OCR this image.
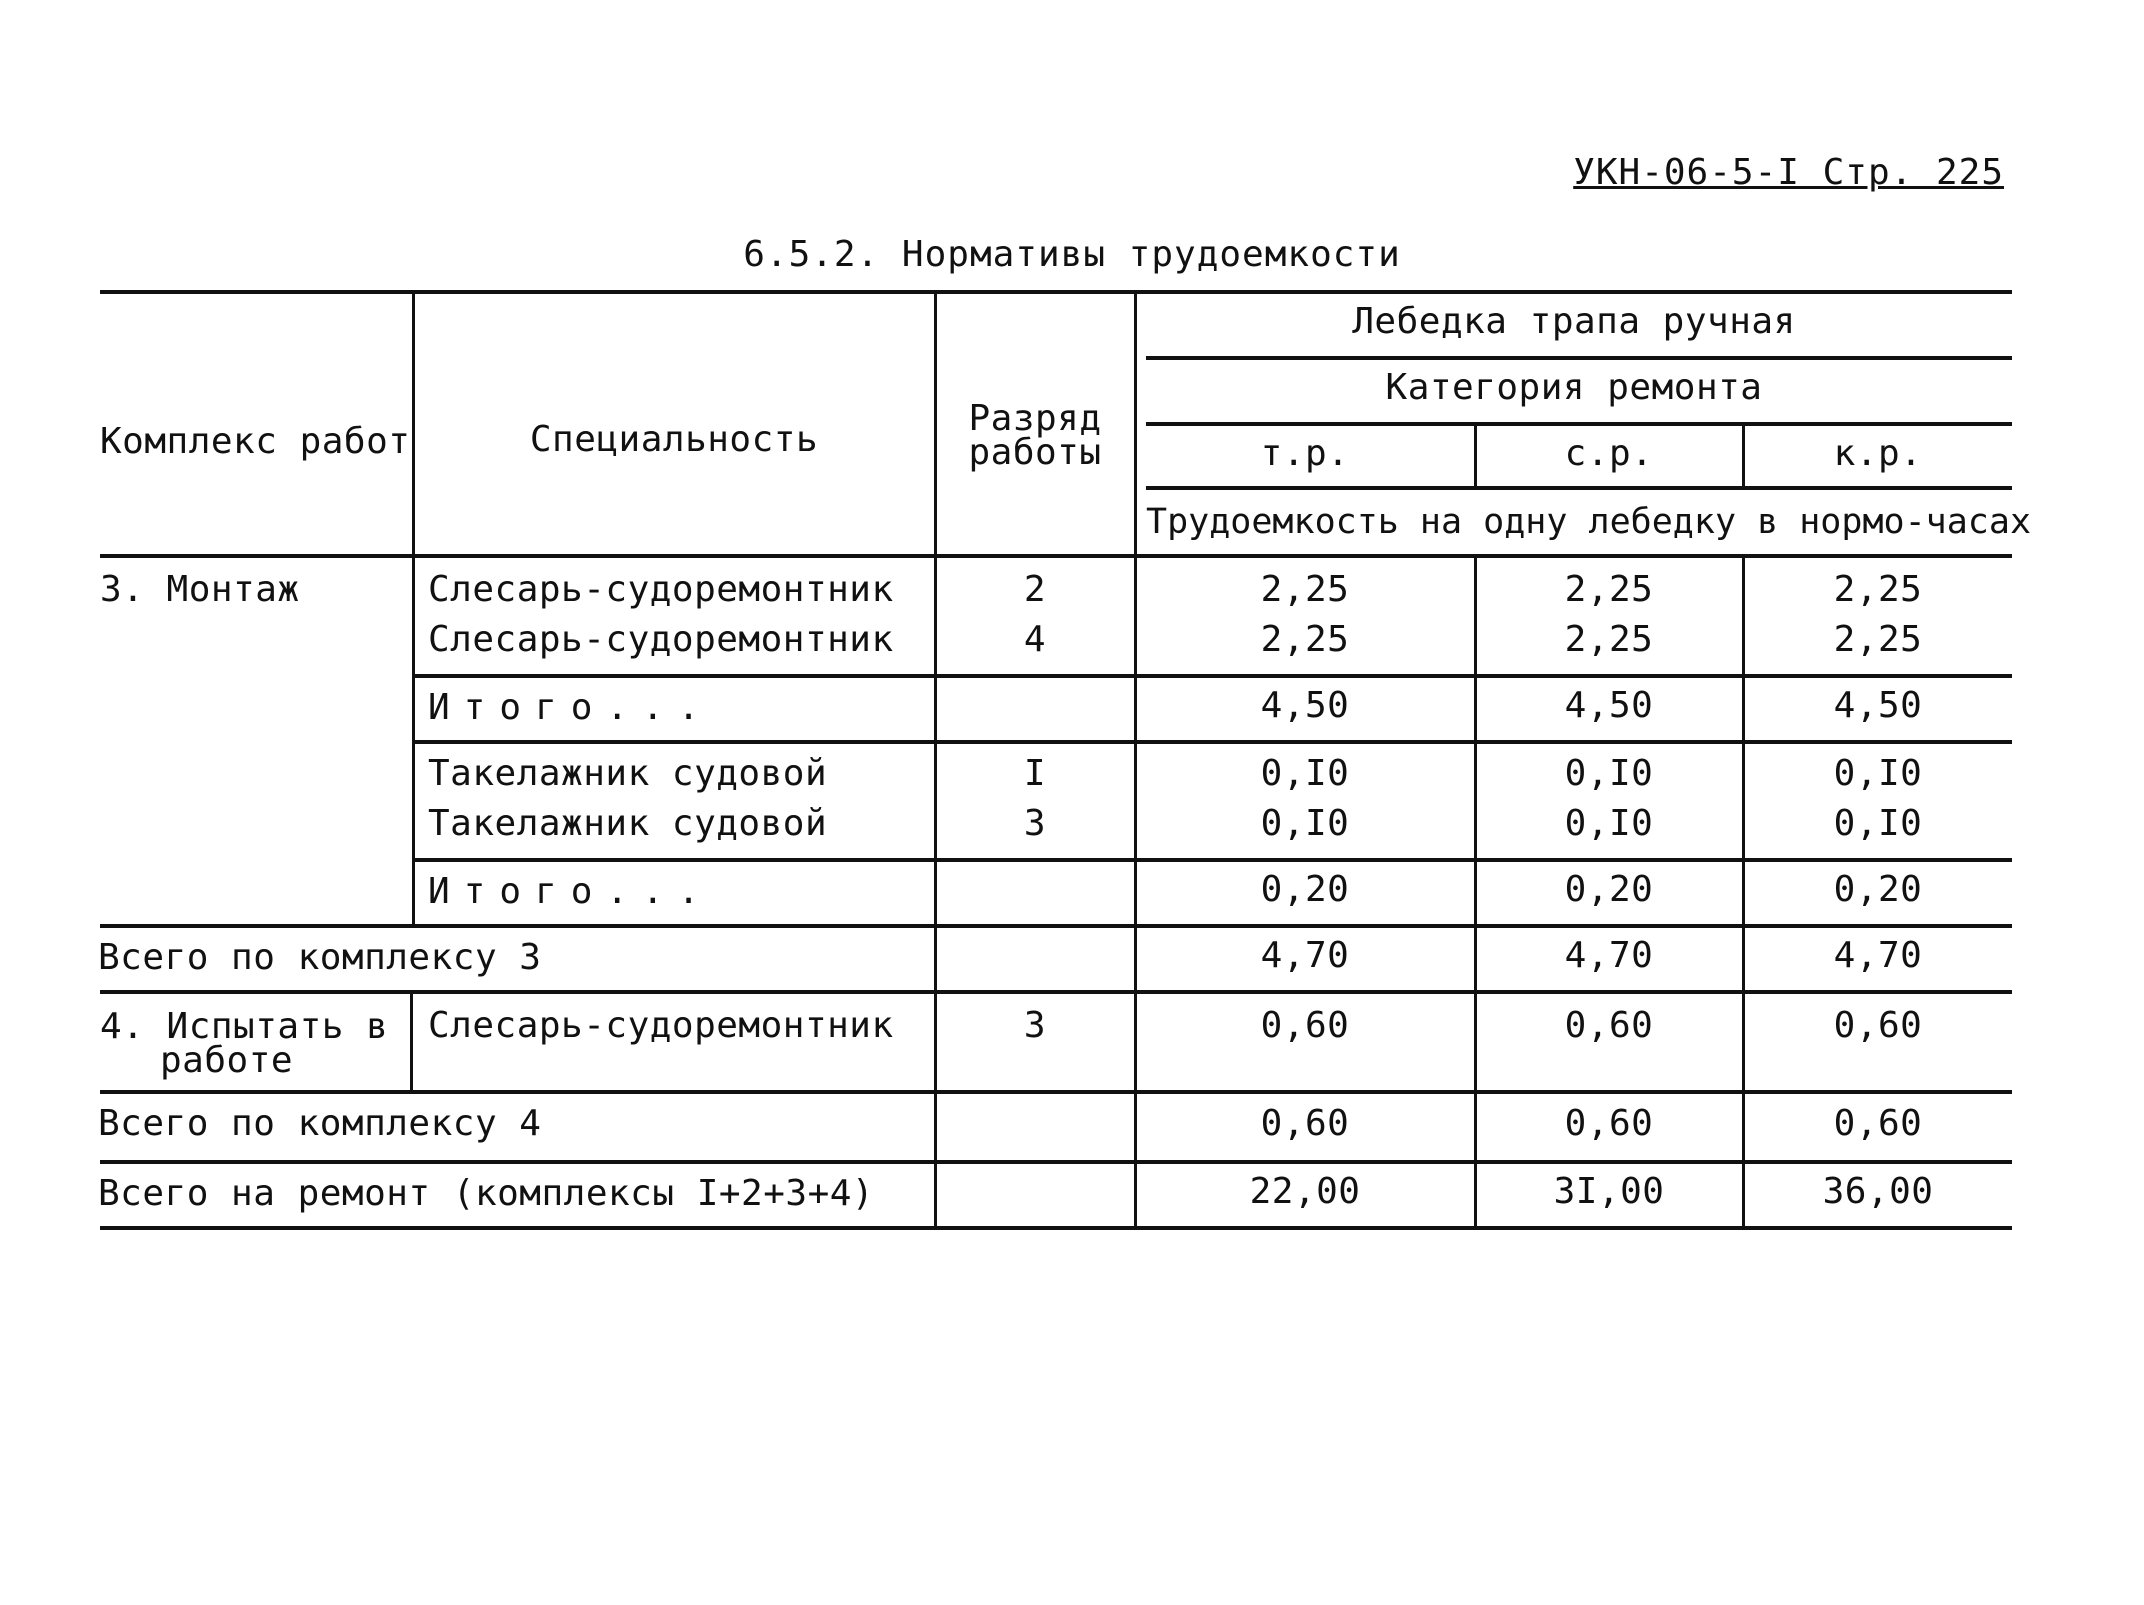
УКН-06-5-I Стр. 225
6.5.2. Нормативы трудоемкости
Комплекс работ	Специальность
Разряд
работы
Лебедка трапа ручная
Категория ремонта
т.р.	с.р.	к.р.
Трудоемкость на одну лебедку в нормо-часах
3. Монтаж	Слесарь-судоремонтник	2	2,25	2,25	2,25
Слесарь-судоремонтник	4	2,25	2,25	2,25
Итого...	4,50	4,50	4,50
Такелажник судовой	I	0,I0	0,I0	0,I0
Такелажник судовой	3	0,I0	0,I0	0,I0
Итого...	0,20	0,20	0,20
Всего по комплексу 3	4,70	4,70	4,70
4. Испытать в
работе
Слесарь-судоремонтник	3	0,60	0,60	0,60
Всего по комплексу 4	0,60	0,60	0,60
Всего на ремонт (комплексы I+2+3+4)	22,00	3I,00	36,00
